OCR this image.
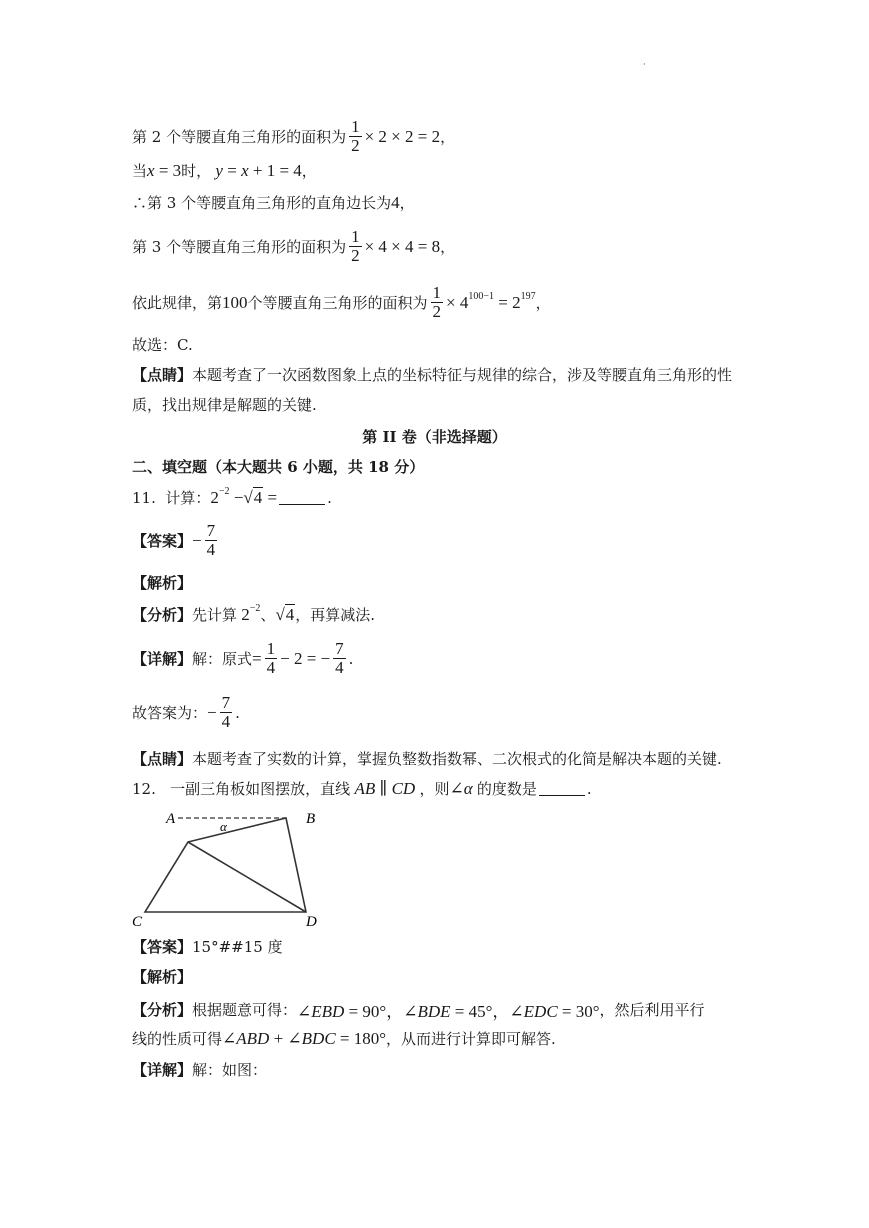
·
第 2 个等腰直角三角形的面积为 $\frac{1}{2} \times 2 \times 2 = 2$ ，
当 x = 3 时， y = x + 1 = 4 ，
∴第 3 个等腰直角三角形的直角边长为 4 ，
第 3 个等腰直角三角形的面积为 $\frac{1}{2} \times 4 \times 4 = 8$ ，
依此规律，第 100 个等腰直角三角形的面积为 $\frac{1}{2} \times 4^{100-1} = 2^{197}$ ，
故选：C.
【点睛】 本题考查了一次函数图象上点的坐标特征与规律的综合，涉及等腰直角三角形的性
质，找出规律是解题的关键.
第 II 卷（非选择题）
二、填空题（本大题共 6 小题，共 18 分）
11.
计算： $2^{-2}$ − √ 4 =	.
【答案】 − $\frac{7}{4}$
【解析】
【分析】 先计算 $2^{-2}$ 、 √ 4 ，再算减法.
【详解】 解：原式 = $\frac{1}{4} - 2$ = − $\frac{7}{4}$ .
故答案为： − $\frac{7}{4}$ .
【点睛】 本题考查了实数的计算，掌握负整数指数幂、二次根式的化简是解决本题的关键.
12.
一副三角板如图摆放，直线 AB ∥ CD ，则 ∠α 的度数是	.
A	B
C	D
α
【答案】 15°##15 度
【解析】
【分析】 根据题意可得： ∠EBD = 90°，∠BDE = 45°，∠EDC = 30° ，然后利用平行
线的性质可得 ∠ABD + ∠BDC = 180° ，从而进行计算即可解答.
【详解】 解：如图：
